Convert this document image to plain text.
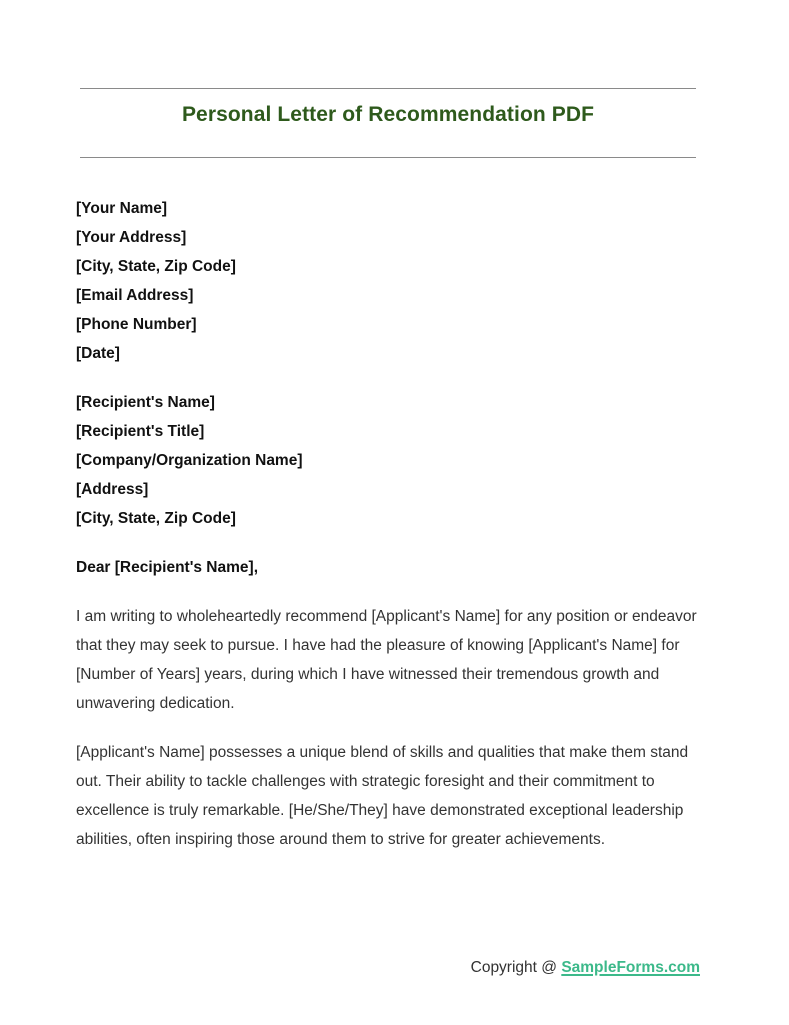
Personal Letter of Recommendation PDF
[Your Name]
[Your Address]
[City, State, Zip Code]
[Email Address]
[Phone Number]
[Date]
[Recipient's Name]
[Recipient's Title]
[Company/Organization Name]
[Address]
[City, State, Zip Code]
Dear [Recipient's Name],

I am writing to wholeheartedly recommend [Applicant's Name] for any position or endeavor that they may seek to pursue. I have had the pleasure of knowing [Applicant's Name] for [Number of Years] years, during which I have witnessed their tremendous growth and unwavering dedication.

[Applicant's Name] possesses a unique blend of skills and qualities that make them stand out. Their ability to tackle challenges with strategic foresight and their commitment to excellence is truly remarkable. [He/She/They] have demonstrated exceptional leadership abilities, often inspiring those around them to strive for greater achievements.

Copyright @ SampleForms.com
